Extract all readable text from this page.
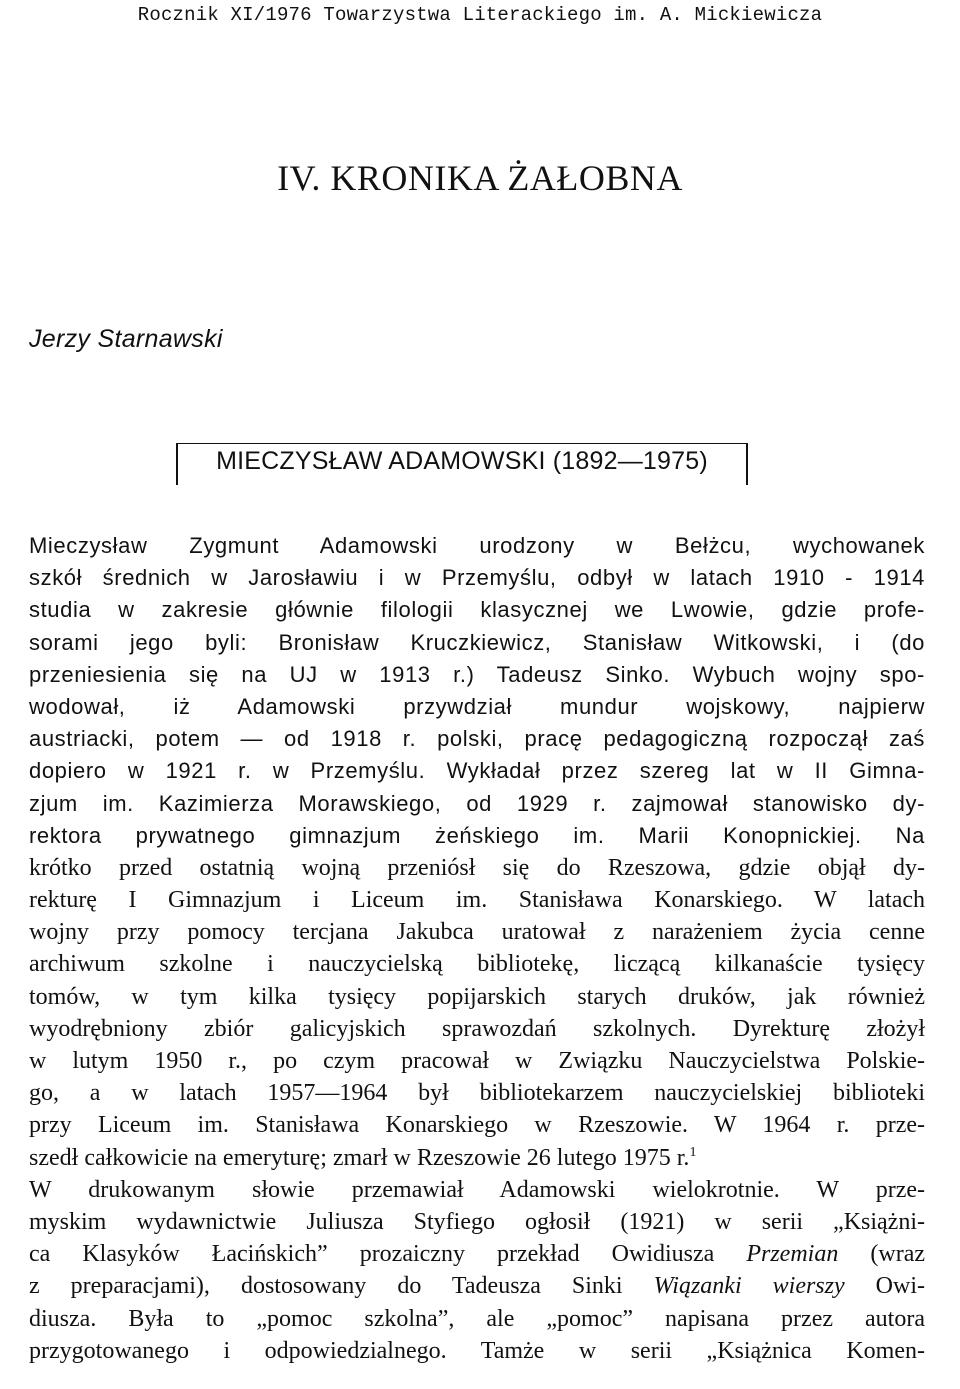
Rocznik XI/1976 Towarzystwa Literackiego im. A. Mickiewicza
IV. KRONIKA ŻAŁOBNA
Jerzy Starnawski
MIECZYSŁAW ADAMOWSKI (1892—1975)
Mieczysław Zygmunt Adamowski urodzony w Bełżcu, wychowanek
szkół średnich w Jarosławiu i w Przemyślu, odbył w latach 1910 - 1914
studia w zakresie głównie filologii klasycznej we Lwowie, gdzie profe-
sorami jego byli: Bronisław Kruczkiewicz, Stanisław Witkowski, i (do
przeniesienia się na UJ w 1913 r.) Tadeusz Sinko. Wybuch wojny spo-
wodował, iż Adamowski przywdział mundur wojskowy, najpierw
austriacki, potem — od 1918 r. polski, pracę pedagogiczną rozpoczął zaś
dopiero w 1921 r. w Przemyślu. Wykładał przez szereg lat w II Gimna-
zjum im. Kazimierza Morawskiego, od 1929 r. zajmował stanowisko dy-
rektora prywatnego gimnazjum żeńskiego im. Marii Konopnickiej. Na
krótko przed ostatnią wojną przeniósł się do Rzeszowa, gdzie objął dy-
rekturę I Gimnazjum i Liceum im. Stanisława Konarskiego. W latach
wojny przy pomocy tercjana Jakubca uratował z narażeniem życia cenne
archiwum szkolne i nauczycielską bibliotekę, liczącą kilkanaście tysięcy
tomów, w tym kilka tysięcy popijarskich starych druków, jak również
wyodrębniony zbiór galicyjskich sprawozdań szkolnych. Dyrekturę złożył
w lutym 1950 r., po czym pracował w Związku Nauczycielstwa Polskie-
go, a w latach 1957—1964 był bibliotekarzem nauczycielskiej biblioteki
przy Liceum im. Stanisława Konarskiego w Rzeszowie. W 1964 r. prze-
szedł całkowicie na emeryturę; zmarł w Rzeszowie 26 lutego 1975 r.$^1$
W drukowanym słowie przemawiał Adamowski wielokrotnie. W prze-
myskim wydawnictwie Juliusza Styfiego ogłosił (1921) w serii „Książni-
ca Klasyków Łacińskich” prozaiczny przekład Owidiusza Przemian (wraz
z preparacjami), dostosowany do Tadeusza Sinki Wiązanki wierszy Owi-
diusza. Była to „pomoc szkolna”, ale „pomoc” napisana przez autora
przygotowanego i odpowiedzialnego. Tamże w serii „Książnica Komen-
